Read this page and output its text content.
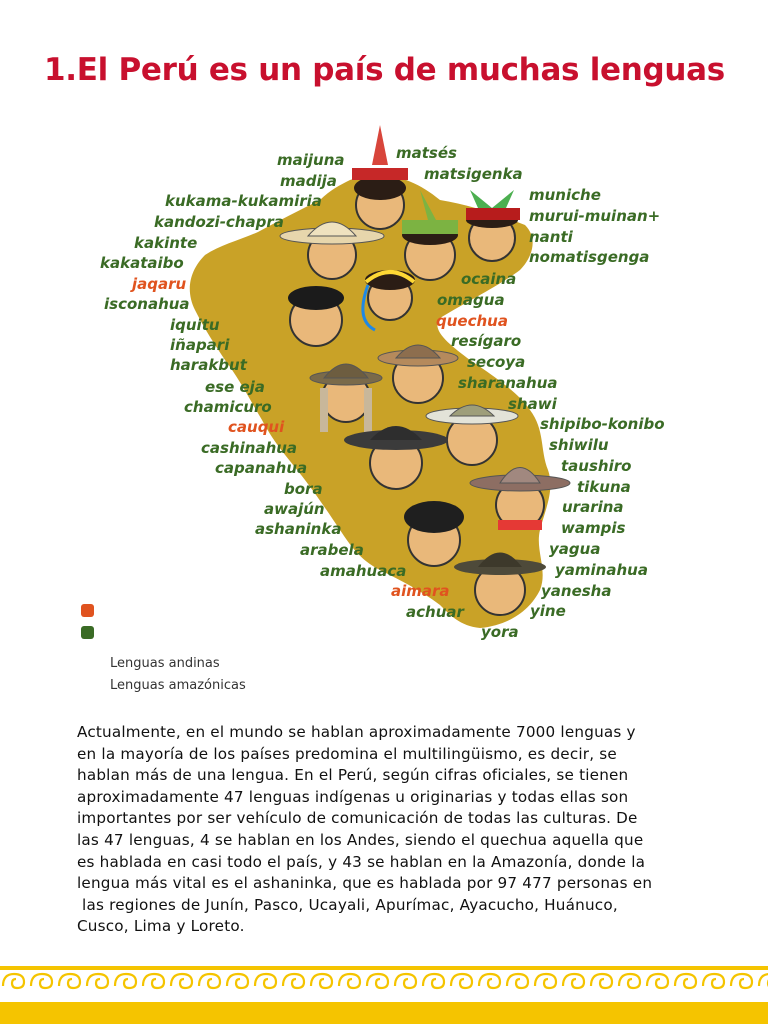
1.El Perú es un país de muchas lenguas
maijuna
madija
kukama-kukamiria
kandozi-chapra
kakinte
kakataibo
jaqaru
isconahua
iquitu
iñapari
harakbut
ese eja
chamicuro
cauqui
cashinahua
capanahua
bora
awajún
ashaninka
arabela
amahuaca
aimara
achuar
matsés
matsigenka
muniche
murui-muinan+
nanti
nomatisgenga
ocaina
omagua
quechua
resígaro
secoya
sharanahua
shawi
shipibo-konibo
shiwilu
taushiro
tikuna
urarina
wampis
yagua
yaminahua
yanesha
yine
yora
Lenguas andinas
Lenguas amazónicas

Actualmente, en el mundo se hablan aproximadamente 7000 lenguas y
en la mayoría de los países predomina el multilingüismo, es decir, se
hablan más de una lengua. En el Perú, según cifras oficiales, se tienen
aproximadamente 47 lenguas indígenas u originarias y todas ellas son
importantes por ser vehículo de comunicación de todas las culturas. De
las 47 lenguas, 4 se hablan en los Andes, siendo el quechua aquella que
es hablada en casi todo el país, y 43 se hablan en la Amazonía, donde la
lengua más vital es el ashaninka, que es hablada por 97 477 personas en
las regiones de Junín, Pasco, Ucayali, Apurímac, Ayacucho, Huánuco,
Cusco, Lima y Loreto.
